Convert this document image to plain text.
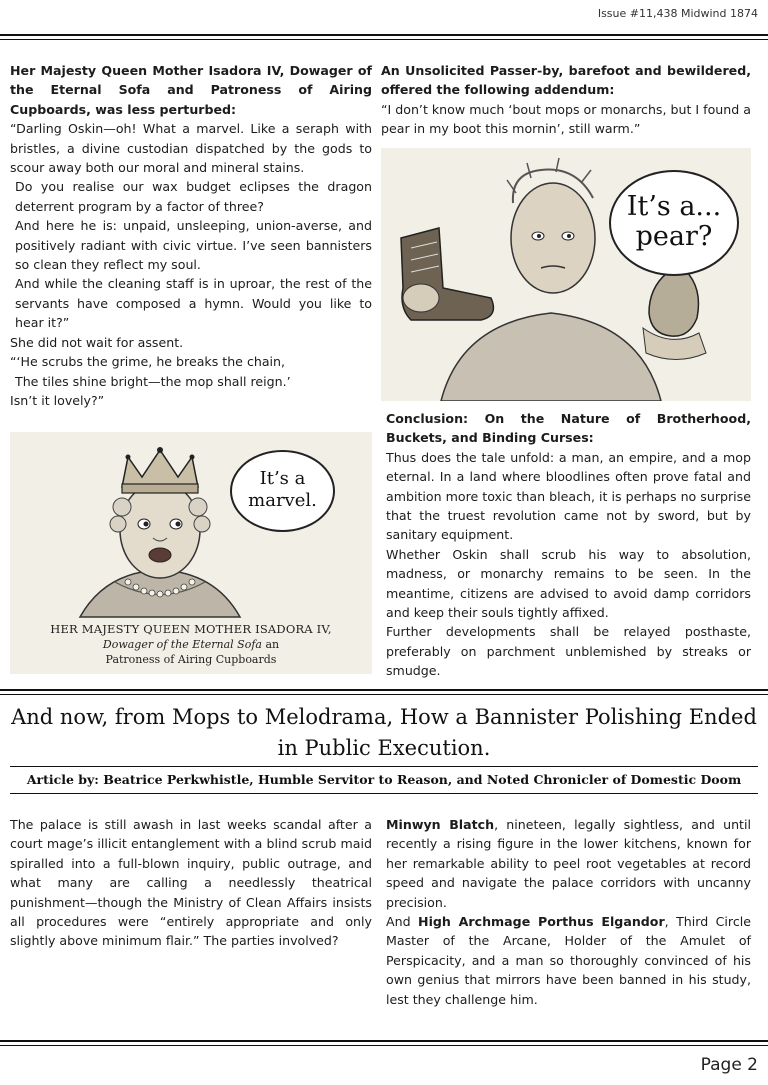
Issue #11,438 Midwind 1874

Her Majesty Queen Mother Isadora IV, Dowager of the Eternal Sofa and Patroness of Airing Cupboards, was less perturbed:

“Darling Oskin—oh! What a marvel. Like a seraph with bristles, a divine custodian dispatched by the gods to scour away both our moral and mineral stains.

Do you realise our wax budget eclipses the dragon deterrent program by a factor of three?

And here he is: unpaid, unsleeping, union-averse, and positively radiant with civic virtue. I’ve seen bannisters so clean they reflect my soul.

And while the cleaning staff is in uproar, the rest of the servants have composed a hymn. Would you like to hear it?”

She did not wait for assent.

“‘He scrubs the grime, he breaks the chain,

The tiles shine bright—the mop shall reign.’

Isn’t it lovely?”

It’s a marvel.
HER MAJESTY QUEEN MOTHER ISADORA IV,
Dowager of the Eternal Sofa an
Patroness of Airing Cupboards

An Unsolicited Passer-by, barefoot and bewildered, offered the following addendum:

“I don’t know much ‘bout mops or monarchs, but I found a pear in my boot this mornin’, still warm.”

It’s a... pear?

Conclusion: On the Nature of Brotherhood, Buckets, and Binding Curses:

Thus does the tale unfold: a man, an empire, and a mop eternal. In a land where bloodlines often prove fatal and ambition more toxic than bleach, it is perhaps no surprise that the truest revolution came not by sword, but by sanitary equipment.

Whether Oskin shall scrub his way to absolution, madness, or monarchy remains to be seen. In the meantime, citizens are advised to avoid damp corridors and keep their souls tightly affixed.

Further developments shall be relayed posthaste, preferably on parchment unblemished by streaks or smudge.

And now, from Mops to Melodrama, How a Bannister Polishing Ended in Public Execution.
Article by: Beatrice Perkwhistle, Humble Servitor to Reason, and Noted Chronicler of Domestic Doom

The palace is still awash in last weeks scandal after a court mage’s illicit entanglement with a blind scrub maid spiralled into a full-blown inquiry, public outrage, and what many are calling a needlessly theatrical punishment—though the Ministry of Clean Affairs insists all procedures were “entirely appropriate and only slightly above minimum flair.” The parties involved?

Minwyn Blatch, nineteen, legally sightless, and until recently a rising figure in the lower kitchens, known for her remarkable ability to peel root vegetables at record speed and navigate the palace corridors with uncanny precision.

And High Archmage Porthus Elgandor, Third Circle Master of the Arcane, Holder of the Amulet of Perspicacity, and a man so thoroughly convinced of his own genius that mirrors have been banned in his study, lest they challenge him.

Page 2
